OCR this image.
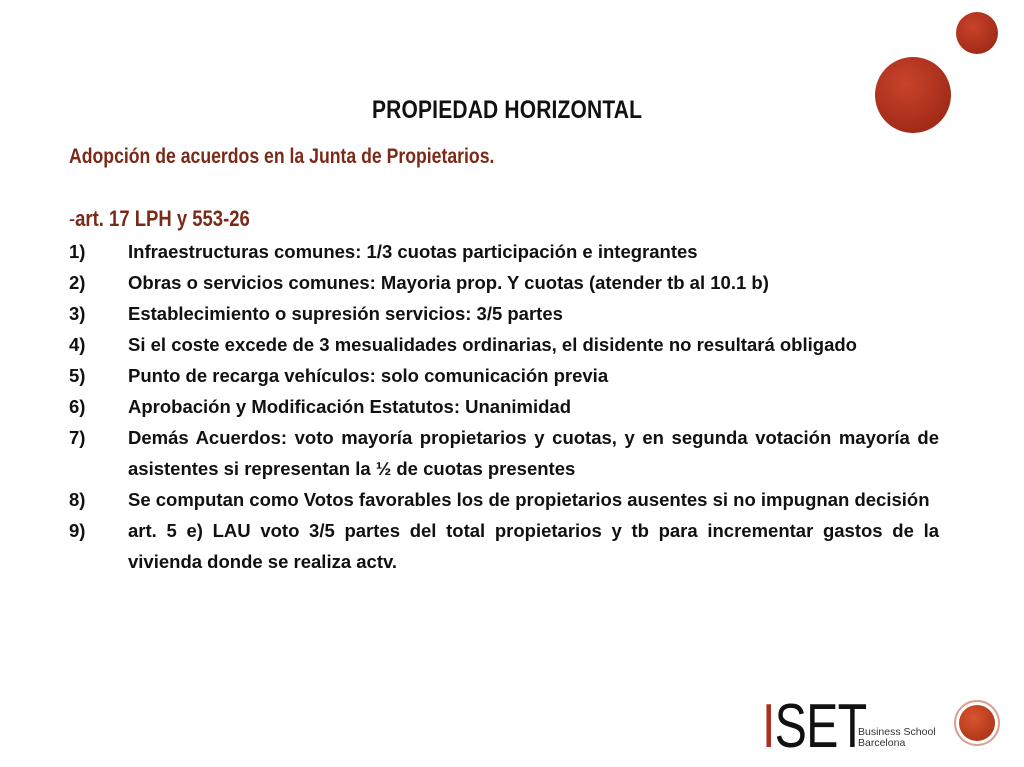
PROPIEDAD HORIZONTAL
Adopción de acuerdos en la Junta de Propietarios.
-art. 17 LPH y 553-26
1)	Infraestructuras comunes: 1/3 cuotas participación e integrantes
2)	Obras o servicios comunes: Mayoria prop. Y cuotas (atender tb al 10.1 b)
3)	Establecimiento o supresión servicios: 3/5 partes
4)	Si el coste excede de 3 mesualidades ordinarias, el disidente no resultará obligado
5)	Punto de recarga vehículos: solo comunicación previa
6)	Aprobación y Modificación Estatutos: Unanimidad
7)	Demás Acuerdos: voto mayoría propietarios y cuotas, y en segunda votación mayoría de asistentes si representan la ½ de cuotas presentes
8)	Se computan como Votos favorables los de propietarios ausentes si no impugnan decisión
9)	art. 5 e) LAU voto 3/5 partes del total propietarios y tb para incrementar gastos de la vivienda donde se realiza actv.
ISET
Business School
Barcelona
